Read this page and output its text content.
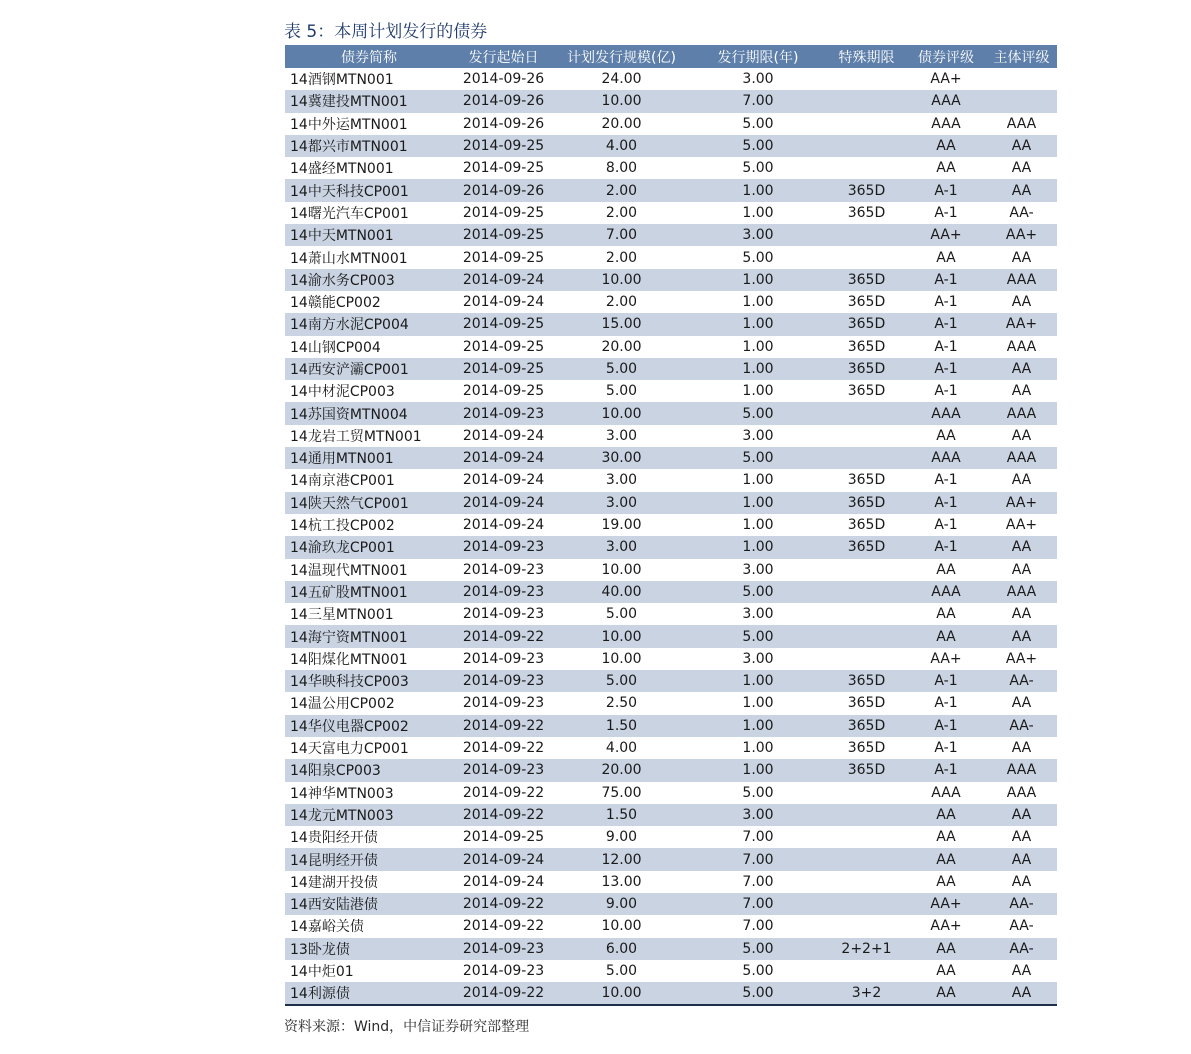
表 5：本周计划发行的债券
债券简称	发行起始日	计划发行规模(亿)	发行期限(年)	特殊期限	债券评级	主体评级
14酒钢MTN001	2014-09-26	24.00	3.00		AA+	
14冀建投MTN001	2014-09-26	10.00	7.00		AAA	
14中外运MTN001	2014-09-26	20.00	5.00		AAA	AAA
14都兴市MTN001	2014-09-25	4.00	5.00		AA	AA
14盛经MTN001	2014-09-25	8.00	5.00		AA	AA
14中天科技CP001	2014-09-26	2.00	1.00	365D	A-1	AA
14曙光汽车CP001	2014-09-25	2.00	1.00	365D	A-1	AA-
14中天MTN001	2014-09-25	7.00	3.00		AA+	AA+
14萧山水MTN001	2014-09-25	2.00	5.00		AA	AA
14渝水务CP003	2014-09-24	10.00	1.00	365D	A-1	AAA
14赣能CP002	2014-09-24	2.00	1.00	365D	A-1	AA
14南方水泥CP004	2014-09-25	15.00	1.00	365D	A-1	AA+
14山钢CP004	2014-09-25	20.00	1.00	365D	A-1	AAA
14西安浐灞CP001	2014-09-25	5.00	1.00	365D	A-1	AA
14中材泥CP003	2014-09-25	5.00	1.00	365D	A-1	AA
14苏国资MTN004	2014-09-23	10.00	5.00		AAA	AAA
14龙岩工贸MTN001	2014-09-24	3.00	3.00		AA	AA
14通用MTN001	2014-09-24	30.00	5.00		AAA	AAA
14南京港CP001	2014-09-24	3.00	1.00	365D	A-1	AA
14陕天然气CP001	2014-09-24	3.00	1.00	365D	A-1	AA+
14杭工投CP002	2014-09-24	19.00	1.00	365D	A-1	AA+
14渝玖龙CP001	2014-09-23	3.00	1.00	365D	A-1	AA
14温现代MTN001	2014-09-23	10.00	3.00		AA	AA
14五矿股MTN001	2014-09-23	40.00	5.00		AAA	AAA
14三星MTN001	2014-09-23	5.00	3.00		AA	AA
14海宁资MTN001	2014-09-22	10.00	5.00		AA	AA
14阳煤化MTN001	2014-09-23	10.00	3.00		AA+	AA+
14华映科技CP003	2014-09-23	5.00	1.00	365D	A-1	AA-
14温公用CP002	2014-09-23	2.50	1.00	365D	A-1	AA
14华仪电器CP002	2014-09-22	1.50	1.00	365D	A-1	AA-
14天富电力CP001	2014-09-22	4.00	1.00	365D	A-1	AA
14阳泉CP003	2014-09-23	20.00	1.00	365D	A-1	AAA
14神华MTN003	2014-09-22	75.00	5.00		AAA	AAA
14龙元MTN003	2014-09-22	1.50	3.00		AA	AA
14贵阳经开债	2014-09-25	9.00	7.00		AA	AA
14昆明经开债	2014-09-24	12.00	7.00		AA	AA
14建湖开投债	2014-09-24	13.00	7.00		AA	AA
14西安陆港债	2014-09-22	9.00	7.00		AA+	AA-
14嘉峪关债	2014-09-22	10.00	7.00		AA+	AA-
13卧龙债	2014-09-23	6.00	5.00	2+2+1	AA	AA-
14中炬01	2014-09-23	5.00	5.00		AA	AA
14利源债	2014-09-22	10.00	5.00	3+2	AA	AA
资料来源：Wind，中信证券研究部整理
